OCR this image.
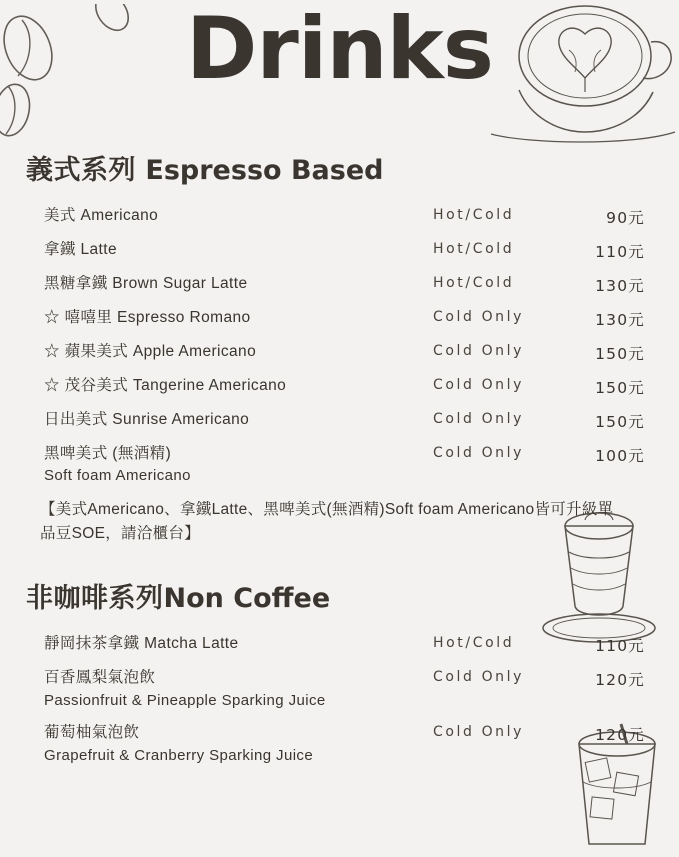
Drinks
義式系列 Espresso Based
美式 Americano	Hot/Cold	90元
拿鐵 Latte	Hot/Cold	110元
黑糖拿鐵 Brown Sugar Latte	Hot/Cold	130元
☆ 嘻嘻里 Espresso Romano	Cold Only	130元
☆ 蘋果美式 Apple Americano	Cold Only	150元
☆ 茂谷美式 Tangerine Americano	Cold Only	150元
日出美式 Sunrise Americano	Cold Only	150元
黑啤美式 (無酒精)
Soft foam Americano
Cold Only	100元
【美式Americano、拿鐵Latte、黑啤美式(無酒精)Soft foam Americano皆可升級單品豆SOE，請洽櫃台】
非咖啡系列Non Coffee
靜岡抹茶拿鐵 Matcha Latte	Hot/Cold	110元
百香鳳梨氣泡飲
Passionfruit & Pineapple Sparking Juice
Cold Only	120元
葡萄柚氣泡飲
Grapefruit & Cranberry Sparking Juice
Cold Only	120元
